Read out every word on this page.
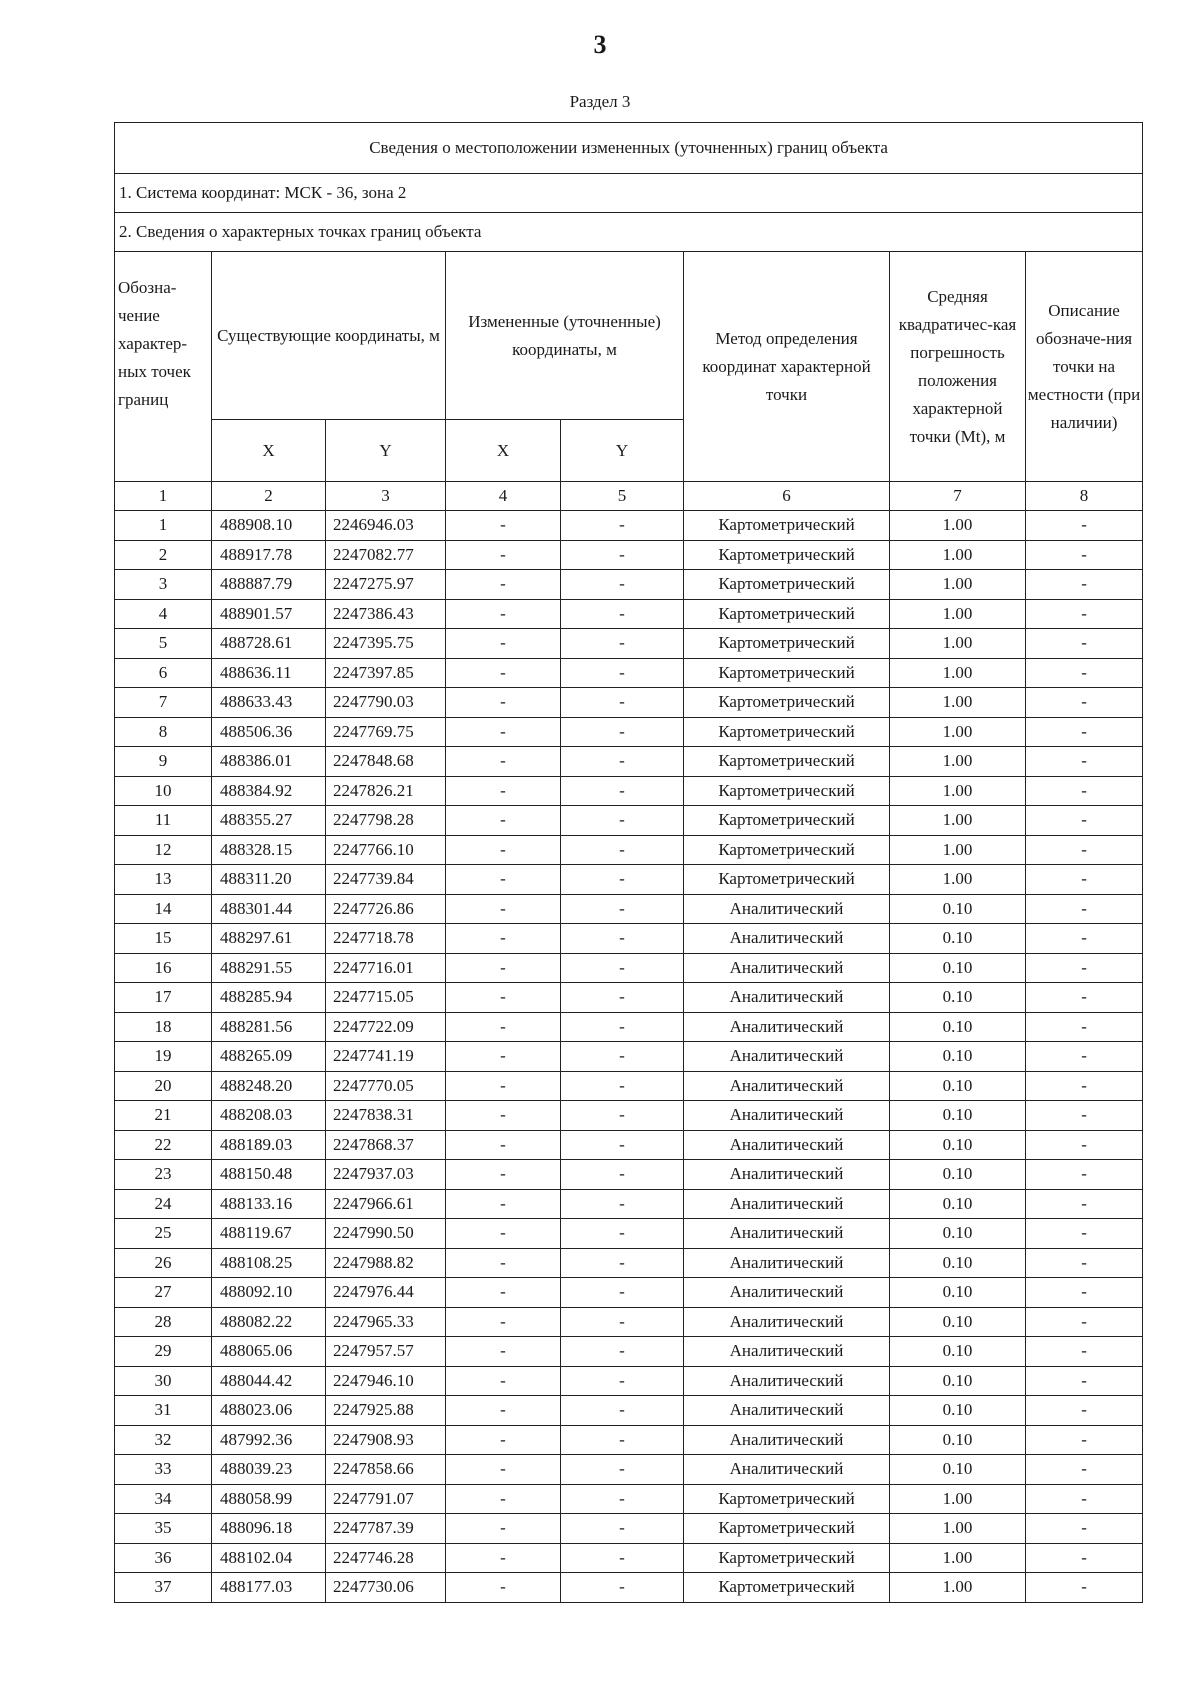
3
Раздел 3
Сведения о местоположении измененных (уточненных) границ объекта							
1. Система координат: МСК - 36, зона 2							
2. Сведения о характерных точках границ объекта							
Обозна-чение характер-ных точек границ	Существующие координаты, м		Измененные (уточненные) координаты, м		Метод определения координат характерной точки	Средняя квадратичес-кая погрешность положения характерной точки (Mt), м	Описание обозначе-ния точки на местности (при наличии)
	X	Y	X	Y			
1	2	3	4	5	6	7	8
1	488908.10	2246946.03	-	-	Картометрический	1.00	-
2	488917.78	2247082.77	-	-	Картометрический	1.00	-
3	488887.79	2247275.97	-	-	Картометрический	1.00	-
4	488901.57	2247386.43	-	-	Картометрический	1.00	-
5	488728.61	2247395.75	-	-	Картометрический	1.00	-
6	488636.11	2247397.85	-	-	Картометрический	1.00	-
7	488633.43	2247790.03	-	-	Картометрический	1.00	-
8	488506.36	2247769.75	-	-	Картометрический	1.00	-
9	488386.01	2247848.68	-	-	Картометрический	1.00	-
10	488384.92	2247826.21	-	-	Картометрический	1.00	-
11	488355.27	2247798.28	-	-	Картометрический	1.00	-
12	488328.15	2247766.10	-	-	Картометрический	1.00	-
13	488311.20	2247739.84	-	-	Картометрический	1.00	-
14	488301.44	2247726.86	-	-	Аналитический	0.10	-
15	488297.61	2247718.78	-	-	Аналитический	0.10	-
16	488291.55	2247716.01	-	-	Аналитический	0.10	-
17	488285.94	2247715.05	-	-	Аналитический	0.10	-
18	488281.56	2247722.09	-	-	Аналитический	0.10	-
19	488265.09	2247741.19	-	-	Аналитический	0.10	-
20	488248.20	2247770.05	-	-	Аналитический	0.10	-
21	488208.03	2247838.31	-	-	Аналитический	0.10	-
22	488189.03	2247868.37	-	-	Аналитический	0.10	-
23	488150.48	2247937.03	-	-	Аналитический	0.10	-
24	488133.16	2247966.61	-	-	Аналитический	0.10	-
25	488119.67	2247990.50	-	-	Аналитический	0.10	-
26	488108.25	2247988.82	-	-	Аналитический	0.10	-
27	488092.10	2247976.44	-	-	Аналитический	0.10	-
28	488082.22	2247965.33	-	-	Аналитический	0.10	-
29	488065.06	2247957.57	-	-	Аналитический	0.10	-
30	488044.42	2247946.10	-	-	Аналитический	0.10	-
31	488023.06	2247925.88	-	-	Аналитический	0.10	-
32	487992.36	2247908.93	-	-	Аналитический	0.10	-
33	488039.23	2247858.66	-	-	Аналитический	0.10	-
34	488058.99	2247791.07	-	-	Картометрический	1.00	-
35	488096.18	2247787.39	-	-	Картометрический	1.00	-
36	488102.04	2247746.28	-	-	Картометрический	1.00	-
37	488177.03	2247730.06	-	-	Картометрический	1.00	-
